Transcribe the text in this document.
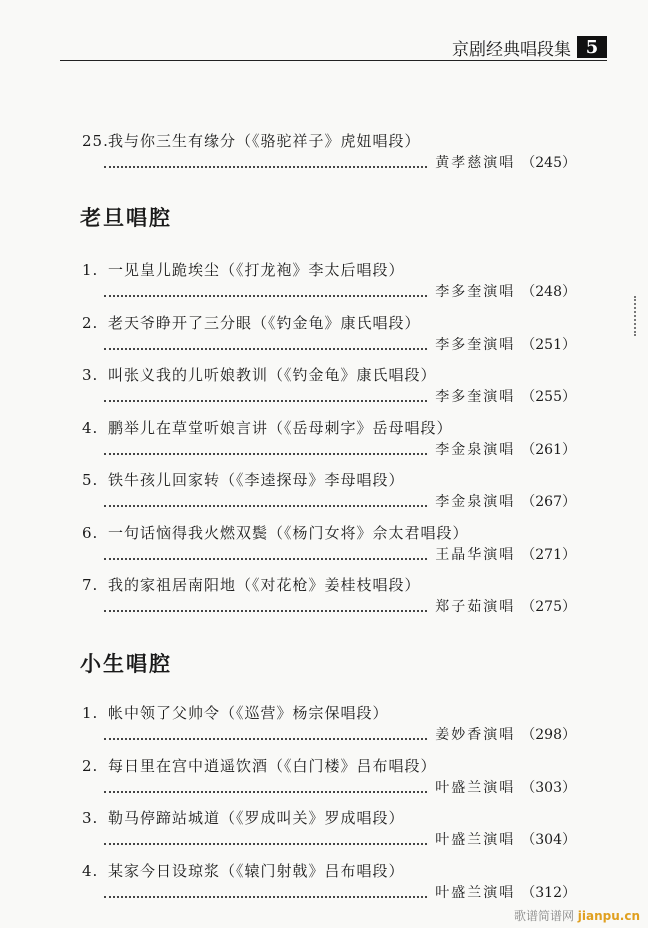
京剧经典唱段集 5
25.我与你三生有缘分（《骆驼祥子》虎妞唱段）
黄孝慈演唱 （245）
老旦唱腔
1. 一见皇儿跪埃尘（《打龙袍》李太后唱段）
李多奎演唱 （248）
2. 老天爷睁开了三分眼（《钓金龟》康氏唱段）
李多奎演唱 （251）
3. 叫张义我的儿听娘教训（《钓金龟》康氏唱段）
李多奎演唱 （255）
4. 鹏举儿在草堂听娘言讲（《岳母刺字》岳母唱段）
李金泉演唱 （261）
5. 铁牛孩儿回家转（《李逵探母》李母唱段）
李金泉演唱 （267）
6. 一句话恼得我火燃双鬓（《杨门女将》佘太君唱段）
王晶华演唱 （271）
7. 我的家祖居南阳地（《对花枪》姜桂枝唱段）
郑子茹演唱 （275）
小生唱腔
1. 帐中领了父帅令（《巡营》杨宗保唱段）
姜妙香演唱 （298）
2. 每日里在宫中逍遥饮酒（《白门楼》吕布唱段）
叶盛兰演唱 （303）
3. 勒马停蹄站城道（《罗成叫关》罗成唱段）
叶盛兰演唱 （304）
4. 某家今日设琼浆（《辕门射戟》吕布唱段）
叶盛兰演唱 （312）
歌谱简谱网 jianpu.cn
